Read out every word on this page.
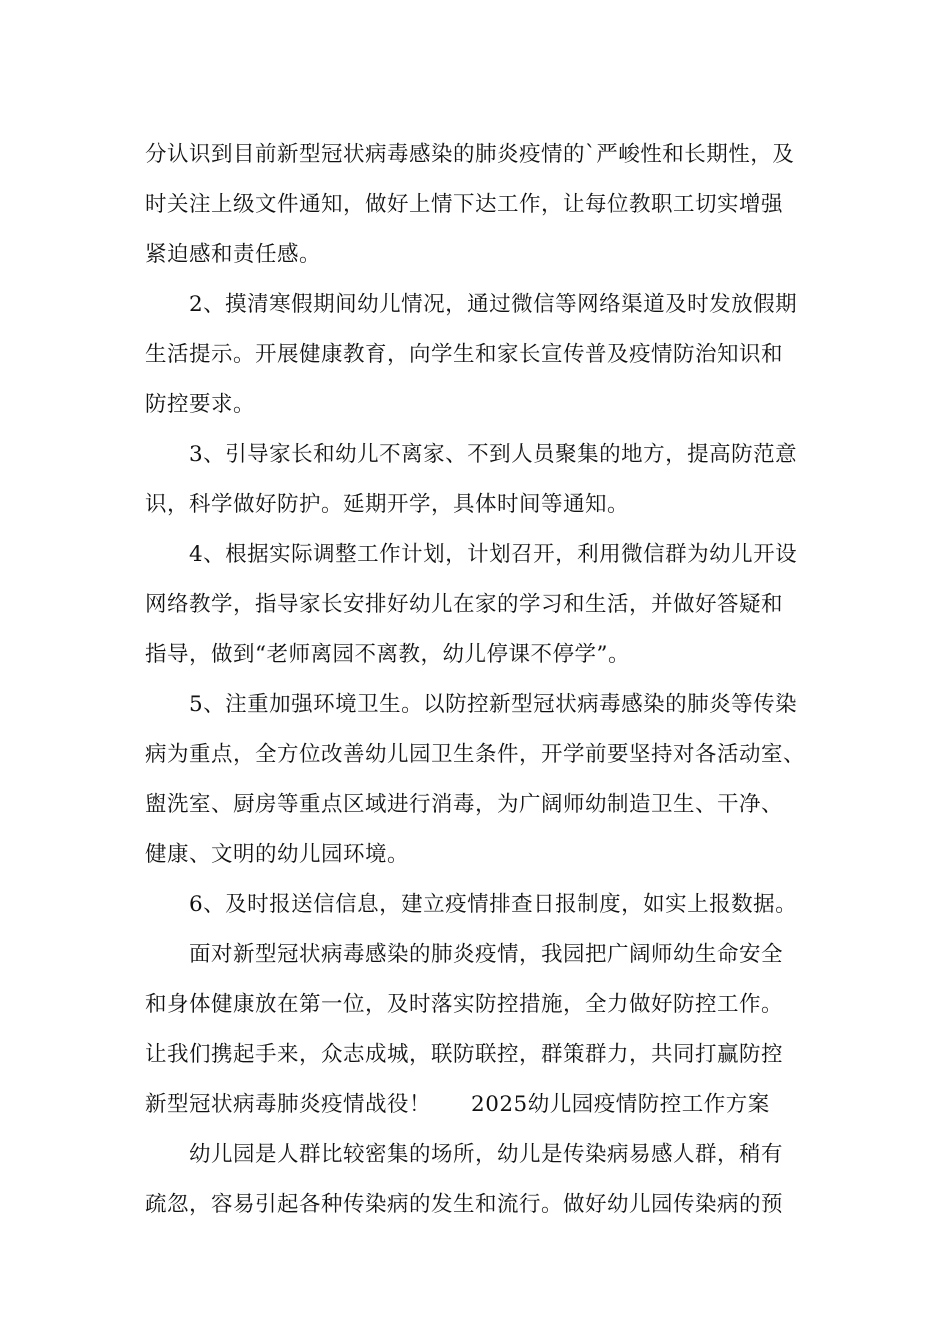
分认识到目前新型冠状病毒感染的肺炎疫情的`严峻性和长期性，及
时关注上级文件通知，做好上情下达工作，让每位教职工切实增强
紧迫感和责任感。
2、摸清寒假期间幼儿情况，通过微信等网络渠道及时发放假期
生活提示。开展健康教育，向学生和家长宣传普及疫情防治知识和
防控要求。
3、引导家长和幼儿不离家、不到人员聚集的地方，提高防范意
识，科学做好防护。延期开学，具体时间等通知。
4、根据实际调整工作计划，计划召开，利用微信群为幼儿开设
网络教学，指导家长安排好幼儿在家的学习和生活，并做好答疑和
指导，做到“老师离园不离教，幼儿停课不停学”。
5、注重加强环境卫生。以防控新型冠状病毒感染的肺炎等传染
病为重点，全方位改善幼儿园卫生条件，开学前要坚持对各活动室、
盥洗室、厨房等重点区域进行消毒，为广阔师幼制造卫生、干净、
健康、文明的幼儿园环境。
6、及时报送信信息，建立疫情排查日报制度，如实上报数据。
面对新型冠状病毒感染的肺炎疫情，我园把广阔师幼生命安全
和身体健康放在第一位，及时落实防控措施，全力做好防控工作。
让我们携起手来，众志成城，联防联控，群策群力，共同打赢防控
新型冠状病毒肺炎疫情战役！ 2025幼儿园疫情防控工作方案
幼儿园是人群比较密集的场所，幼儿是传染病易感人群，稍有
疏忽，容易引起各种传染病的发生和流行。做好幼儿园传染病的预
